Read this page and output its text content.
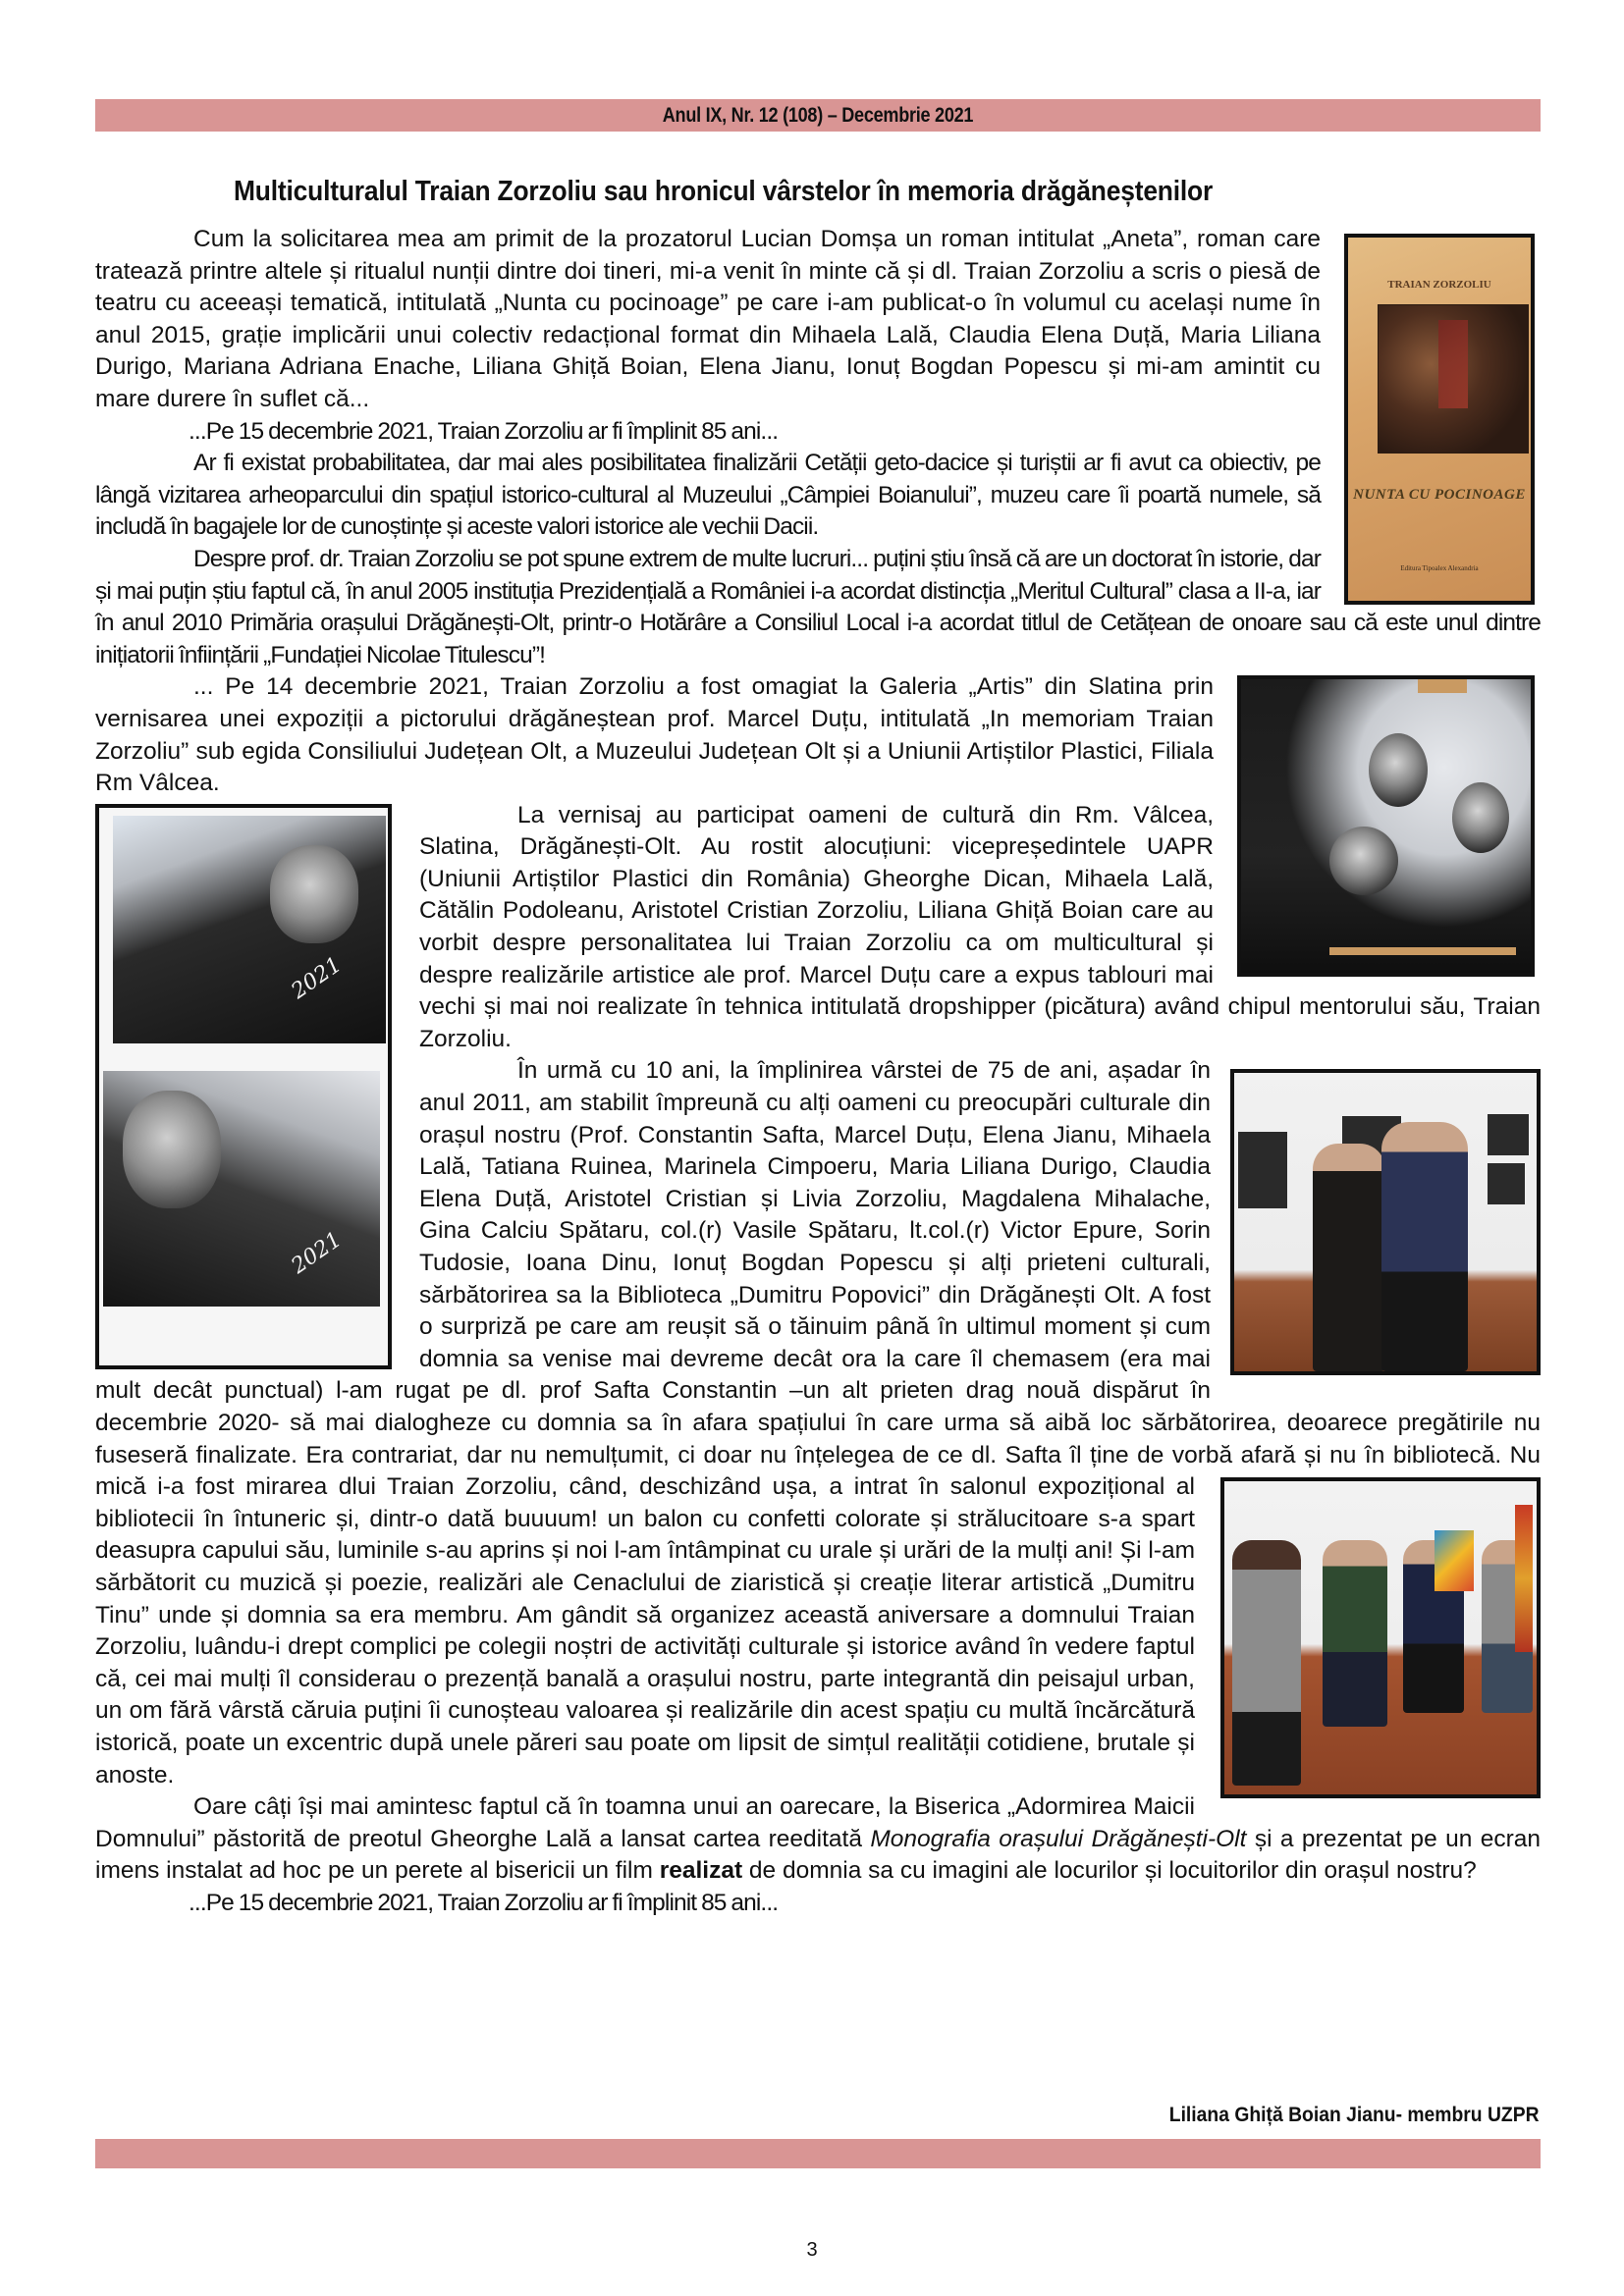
Anul IX, Nr. 12 (108) – Decembrie 2021
Multiculturalul Traian Zorzoliu sau hronicul vârstelor în memoria drăgăneștenilor
TRAIAN ZORZOLIU
NUNTA CU POCINOAGE
Editura Tipoalex Alexandria

Cum la solicitarea mea am primit de la prozatorul Lucian Domșa un roman intitulat „Aneta”, roman care tratează printre altele și ritualul nunții dintre doi tineri, mi-a venit în minte că și dl. Traian Zorzoliu a scris o piesă de teatru cu aceeași tematică, intitulată „Nunta cu pocinoage” pe care i-am publicat-o în volumul cu același nume în anul 2015, grație implicării unui colectiv redacțional format din Mihaela Lală, Claudia Elena Duță, Maria Liliana Durigo, Mariana Adriana Enache, Liliana Ghiță Boian, Elena Jianu, Ionuț Bogdan Popescu și mi-am amintit cu mare durere în suflet că...

...Pe 15 decembrie 2021, Traian Zorzoliu ar fi împlinit 85 ani...

Ar fi existat probabilitatea, dar mai ales posibilitatea finalizării Cetății geto-dacice și turiștii ar fi avut ca obiectiv, pe lângă vizitarea arheoparcului din spațiul istorico-cultural al Muzeului „Câmpiei Boianului”, muzeu care îi poartă numele, să includă în bagajele lor de cunoștințe și aceste valori istorice ale vechii Dacii.

Despre prof. dr. Traian Zorzoliu se pot spune extrem de multe lucruri... puțini știu însă că are un doctorat în istorie, dar și mai puțin știu faptul că, în anul 2005 instituția Prezidențială a României i-a acordat distincția „Meritul Cultural” clasa a II-a, iar în anul 2010 Primăria orașului Drăgănești-Olt, printr-o Hotărâre a Consiliul Local i-a acordat titlul de Cetățean de onoare sau că este unul dintre inițiatorii înființării „Fundației Nicolae Titulescu”!

... Pe 14 decembrie 2021, Traian Zorzoliu a fost omagiat la Galeria „Artis” din Slatina prin vernisarea unei expoziții a pictorului drăgăneștean prof. Marcel Duțu, intitulată „In memoriam Traian Zorzoliu” sub egida Consiliului Județean Olt, a Muzeului Județean Olt și a Uniunii Artiștilor Plastici, Filiala Rm Vâlcea.

2021
2021

La vernisaj au participat oameni de cultură din Rm. Vâlcea, Slatina, Drăgănești-Olt. Au rostit alocuțiuni: vicepreședintele UAPR (Uniunii Artiștilor Plastici din România) Gheorghe Dican, Mihaela Lală, Cătălin Podoleanu, Aristotel Cristian Zorzoliu, Liliana Ghiță Boian care au vorbit despre personalitatea lui Traian Zorzoliu ca om multicultural și despre realizările artistice ale prof. Marcel Duțu care a expus tablouri mai vechi și mai noi realizate în tehnica intitulată dropshipper (picătura) având chipul mentorului său, Traian Zorzoliu.

În urmă cu 10 ani, la împlinirea vârstei de 75 de ani, așadar în anul 2011, am stabilit împreună cu alți oameni cu preocupări culturale din orașul nostru (Prof. Constantin Safta, Marcel Duțu, Elena Jianu, Mihaela Lală, Tatiana Ruinea, Marinela Cimpoeru, Maria Liliana Durigo, Claudia Elena Duță, Aristotel Cristian și Livia Zorzoliu, Magdalena Mihalache, Gina Calciu Spătaru, col.(r) Vasile Spătaru, lt.col.(r) Victor Epure, Sorin Tudosie, Ioana Dinu, Ionuț Bogdan Popescu și alți prieteni culturali, sărbătorirea sa la Biblioteca „Dumitru Popovici” din Drăgănești Olt. A fost o surpriză pe care am reușit să o tăinuim până în ultimul moment și cum domnia sa venise mai devreme decât ora la care îl chemasem (era mai mult decât punctual) l-am rugat pe dl. prof Safta Constantin –un alt prieten drag nouă dispărut în decembrie 2020- să mai dialogheze cu domnia sa în afara spațiului în care urma să aibă loc sărbătorirea, deoarece pregătirile nu fuseseră finalizate. Era contrariat, dar nu nemulțumit, ci doar nu înțelegea de ce dl. Safta îl ține de vorbă afară și nu în bibliotecă.
Nu mică i-a fost mirarea dlui Traian Zorzoliu, când, deschizând ușa, a intrat în salonul expozițional al bibliotecii în întuneric și, dintr-o dată buuuum! un balon cu confetti colorate și strălucitoare s-a spart deasupra capului său, luminile s-au aprins și noi l-am întâmpinat cu urale și urări de la mulți ani! Și l-am sărbătorit cu muzică și poezie, realizări ale Cenaclului de ziaristică și creație literar artistică „Dumitru Tinu” unde și domnia sa era membru. Am gândit să organizez această aniversare a domnului Traian Zorzoliu, luându-i drept complici pe colegii noștri de activități culturale și istorice având în vedere faptul că, cei mai mulți îl considerau o prezență banală a orașului nostru, parte integrantă din peisajul urban, un om fără vârstă căruia puțini îi cunoșteau valoarea și realizările din acest spațiu cu multă încărcătură istorică, poate un excentric după unele păreri sau poate om lipsit de simțul realității cotidiene, brutale și anoste.

Oare câți își mai amintesc faptul că în toamna unui an oarecare, la Biserica „Adormirea Maicii Domnului” păstorită de preotul Gheorghe Lală a lansat cartea reeditată Monografia orașului Drăgănești-Olt și a prezentat pe un ecran imens instalat ad hoc pe un perete al bisericii un film realizat de domnia sa cu imagini ale locurilor și locuitorilor din orașul nostru?

...Pe 15 decembrie 2021, Traian Zorzoliu ar fi împlinit 85 ani...

Liliana Ghiță Boian Jianu- membru UZPR
3
